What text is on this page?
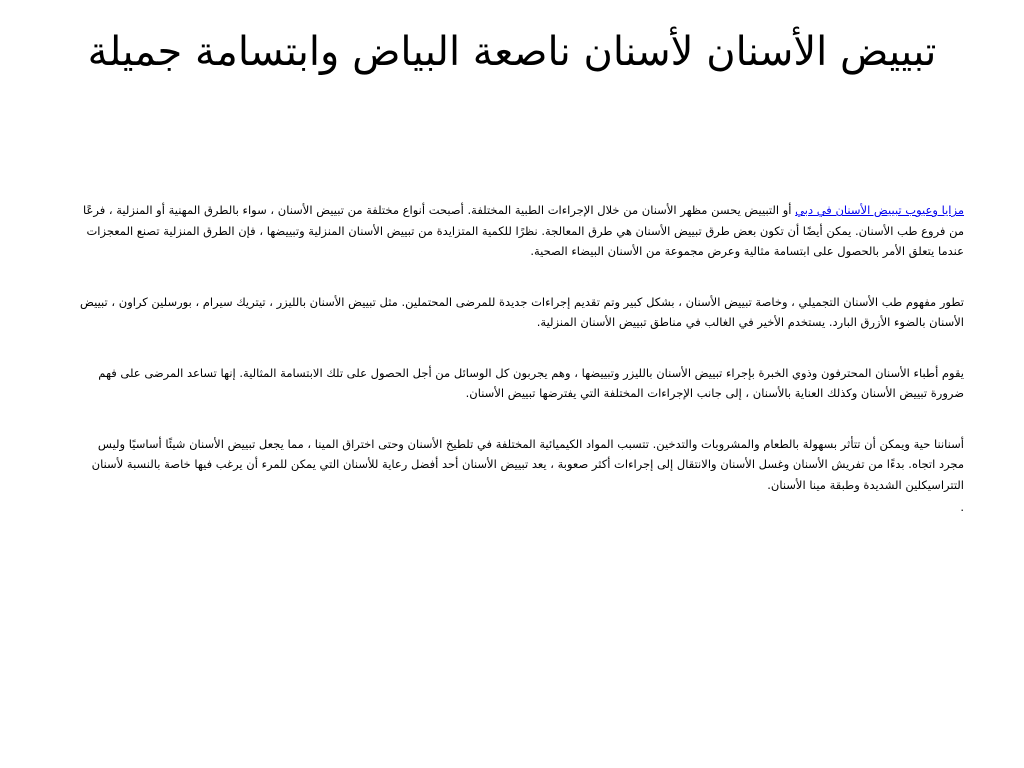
تبييض الأسنان لأسنان ناصعة البياض وابتسامة جميلة

مزايا وعيوب تبييض الأسنان في دبي أو التبييض يحسن مظهر الأسنان من خلال الإجراءات الطبية المختلفة. أصبحت أنواع مختلفة من تبييض الأسنان ، سواء بالطرق المهنية أو المنزلية ، فرعًا من فروع طب الأسنان. يمكن أيضًا أن تكون بعض طرق تبييض الأسنان هي طرق المعالجة. نظرًا للكمية المتزايدة من تبييض الأسنان المنزلية وتبييضها ، فإن الطرق المنزلية تصنع المعجزات عندما يتعلق الأمر بالحصول على ابتسامة مثالية وعرض مجموعة من الأسنان البيضاء الصحية.

تطور مفهوم طب الأسنان التجميلي ، وخاصة تبييض الأسنان ، بشكل كبير وتم تقديم إجراءات جديدة للمرضى المحتملين. مثل تبييض الأسنان بالليزر ، تيتريك سيرام ، بورسلين كراون ، تبييض الأسنان بالضوء الأزرق البارد. يستخدم الأخير في الغالب في مناطق تبييض الأسنان المنزلية.

يقوم أطباء الأسنان المحترفون وذوي الخبرة بإجراء تبييض الأسنان بالليزر وتبييضها ، وهم يجربون كل الوسائل من أجل الحصول على تلك الابتسامة المثالية. إنها تساعد المرضى على فهم ضرورة تبييض الأسنان وكذلك العناية بالأسنان ، إلى جانب الإجراءات المختلفة التي يفترضها تبييض الأسنان.

أسناننا حية ويمكن أن تتأثر بسهولة بالطعام والمشروبات والتدخين. تتسبب المواد الكيميائية المختلفة في تلطيخ الأسنان وحتى اختراق المينا ، مما يجعل تبييض الأسنان شيئًا أساسيًا وليس مجرد اتجاه. بدءًا من تفريش الأسنان وغسل الأسنان والانتقال إلى إجراءات أكثر صعوبة ، يعد تبييض الأسنان أحد أفضل رعاية للأسنان التي يمكن للمرء أن يرغب فيها خاصة بالنسبة لأسنان التتراسيكلين الشديدة وطبقة مينا الأسنان.

.
